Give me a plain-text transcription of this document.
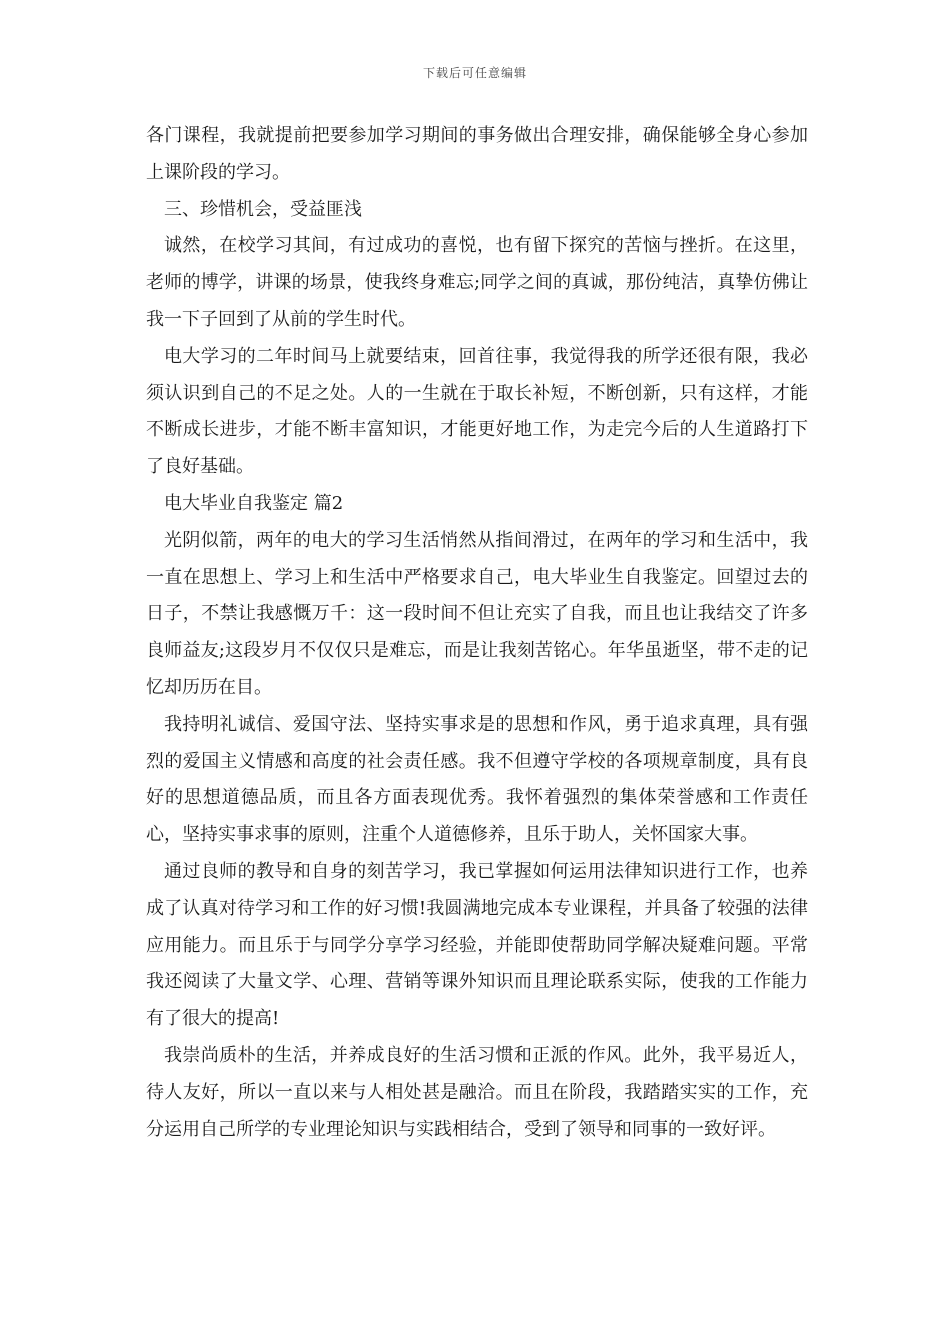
下载后可任意编辑

各门课程，我就提前把要参加学习期间的事务做出合理安排，确保能够全身心参加上课阶段的学习。

三、珍惜机会，受益匪浅

诚然，在校学习其间，有过成功的喜悦，也有留下探究的苦恼与挫折。在这里，老师的博学，讲课的场景，使我终身难忘;同学之间的真诚，那份纯洁，真挚仿佛让我一下子回到了从前的学生时代。

电大学习的二年时间马上就要结束，回首往事，我觉得我的所学还很有限，我必须认识到自己的不足之处。人的一生就在于取长补短，不断创新，只有这样，才能不断成长进步，才能不断丰富知识，才能更好地工作，为走完今后的人生道路打下了良好基础。

电大毕业自我鉴定 篇2

光阴似箭，两年的电大的学习生活悄然从指间滑过，在两年的学习和生活中，我一直在思想上、学习上和生活中严格要求自己，电大毕业生自我鉴定。回望过去的日子，不禁让我感慨万千：这一段时间不但让充实了自我，而且也让我结交了许多良师益友;这段岁月不仅仅只是难忘，而是让我刻苦铭心。年华虽逝坚，带不走的记忆却历历在目。

我持明礼诚信、爱国守法、坚持实事求是的思想和作风，勇于追求真理，具有强烈的爱国主义情感和高度的社会责任感。我不但遵守学校的各项规章制度，具有良好的思想道德品质，而且各方面表现优秀。我怀着强烈的集体荣誉感和工作责任心，坚持实事求事的原则，注重个人道德修养，且乐于助人，关怀国家大事。

通过良师的教导和自身的刻苦学习，我已掌握如何运用法律知识进行工作，也养成了认真对待学习和工作的好习惯!我圆满地完成本专业课程，并具备了较强的法律应用能力。而且乐于与同学分享学习经验，并能即使帮助同学解决疑难问题。平常我还阅读了大量文学、心理、营销等课外知识而且理论联系实际，使我的工作能力有了很大的提高!

我崇尚质朴的生活，并养成良好的生活习惯和正派的作风。此外，我平易近人，待人友好，所以一直以来与人相处甚是融洽。而且在阶段，我踏踏实实的工作，充分运用自己所学的专业理论知识与实践相结合，受到了领导和同事的一致好评。
